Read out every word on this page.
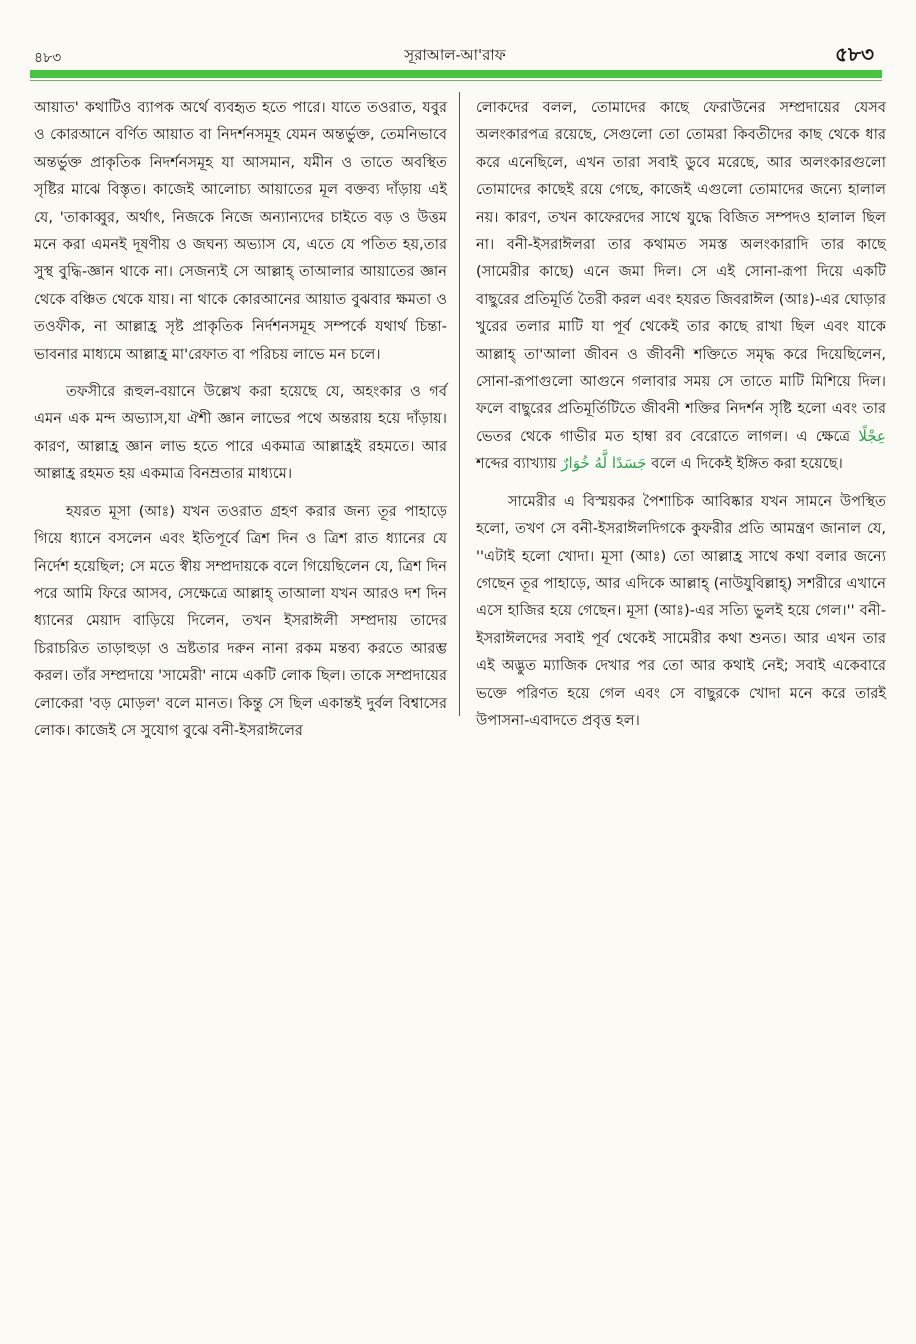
৪৮৩	সূরাআল-আ'রাফ	৫৮৩

আয়াত' কথাটিও ব্যাপক অর্থে ব্যবহৃত হতে পারে। যাতে তওরাত, যবুর ও কোরআনে বর্ণিত আয়াত বা নিদর্শনসমূহ যেমন অন্তর্ভুক্ত, তেমনিভাবে অন্তর্ভুক্ত প্রাকৃতিক নিদর্শনসমূহ যা আসমান, যমীন ও তাতে অবস্থিত সৃষ্টির মাঝে বিস্তৃত। কাজেই আলোচ্য আয়াতের মূল বক্তব্য দাঁড়ায় এই যে, 'তাকাব্বুর, অর্থাৎ, নিজকে নিজে অন্যান্যদের চাইতে বড় ও উত্তম মনে করা এমনই দূষণীয় ও জঘন্য অভ্যাস যে, এতে যে পতিত হয়,তার সুস্থ বুদ্ধি-জ্ঞান থাকে না। সেজন্যই সে আল্লাহ্ তাআলার আয়াতের জ্ঞান থেকে বঞ্চিত থেকে যায়। না থাকে কোরআনের আয়াত বুঝবার ক্ষমতা ও তওফীক, না আল্লাহ্র সৃষ্ট প্রাকৃতিক নির্দশনসমূহ সম্পর্কে যথার্থ চিন্তা-ভাবনার মাধ্যমে আল্লাহ্র মা'রেফাত বা পরিচয় লাভে মন চলে।

তফসীরে রূহুল-বয়ানে উল্লেখ করা হয়েছে যে, অহংকার ও গর্ব এমন এক মন্দ অভ্যাস,যা ঐশী জ্ঞান লাভের পথে অন্তরায় হয়ে দাঁড়ায়। কারণ, আল্লাহ্র জ্ঞান লাভ হতে পারে একমাত্র আল্লাহ্রই রহমতে। আর আল্লাহ্র রহমত হয় একমাত্র বিনম্রতার মাধ্যমে।

হযরত মূসা (আঃ) যখন তওরাত গ্রহণ করার জন্য তূর পাহাড়ে গিয়ে ধ্যানে বসলেন এবং ইতিপূর্বে ত্রিশ দিন ও ত্রিশ রাত ধ্যানের যে নির্দেশ হয়েছিল; সে মতে স্বীয় সম্প্রদায়কে বলে গিয়েছিলেন যে, ত্রিশ দিন পরে আমি ফিরে আসব, সেক্ষেত্রে আল্লাহ্ তাআলা যখন আরও দশ দিন ধ্যানের মেয়াদ বাড়িয়ে দিলেন, তখন ইসরাঈলী সম্প্রদায় তাদের চিরাচরিত তাড়াহুড়া ও ভ্রষ্টতার দরুন নানা রকম মন্তব্য করতে আরম্ভ করল। তাঁর সম্প্রদায়ে 'সামেরী' নামে একটি লোক ছিল। তাকে সম্প্রদায়ের লোকেরা 'বড় মোড়ল' বলে মানত। কিন্তু সে ছিল একান্তই দুর্বল বিশ্বাসের লোক। কাজেই সে সুযোগ বুঝে বনী-ইসরাঈলের

লোকদের বলল, তোমাদের কাছে ফেরাউনের সম্প্রদায়ের যেসব অলংকারপত্র রয়েছে, সেগুলো তো তোমরা কিবতীদের কাছ থেকে ধার করে এনেছিলে, এখন তারা সবাই ডুবে মরেছে, আর অলংকারগুলো তোমাদের কাছেই রয়ে গেছে, কাজেই এগুলো তোমাদের জন্যে হালাল নয়। কারণ, তখন কাফেরদের সাথে যুদ্ধে বিজিত সম্পদও হালাল ছিল না। বনী-ইসরাঈলরা তার কথামত সমস্ত অলংকারাদি তার কাছে (সামেরীর কাছে) এনে জমা দিল। সে এই সোনা-রূপা দিয়ে একটি বাছুরের প্রতিমূর্তি তৈরী করল এবং হযরত জিবরাঈল (আঃ)-এর ঘোড়ার খুরের তলার মাটি যা পূর্ব থেকেই তার কাছে রাখা ছিল এবং যাকে আল্লাহ্ তা'আলা জীবন ও জীবনী শক্তিতে সমৃদ্ধ করে দিয়েছিলেন, সোনা-রূপাগুলো আগুনে গলাবার সময় সে তাতে মাটি মিশিয়ে দিল। ফলে বাছুরের প্রতিমূর্তিটিতে জীবনী শক্তির নিদর্শন সৃষ্টি হলো এবং তার ভেতর থেকে গাভীর মত হাম্বা রব বেরোতে লাগল। এ ক্ষেত্রে عِجْلًا শব্দের ব্যাখ্যায় جَسَدًا لَّهُ خُوَارٌ বলে এ দিকেই ইঙ্গিত করা হয়েছে।

সামেরীর এ বিস্ময়কর পৈশাচিক আবিষ্কার যখন সামনে উপস্থিত হলো, তখণ সে বনী-ইসরাঈলদিগকে কুফরীর প্রতি আমন্ত্রণ জানাল যে, ''এটাই হলো খোদা। মূসা (আঃ) তো আল্লাহ্র সাথে কথা বলার জন্যে গেছেন তূর পাহাড়ে, আর এদিকে আল্লাহ্ (নাউযুবিল্লাহ্) সশরীরে এখানে এসে হাজির হয়ে গেছেন। মূসা (আঃ)-এর সত্যি ভুলই হয়ে গেল।'' বনী-ইসরাঈলদের সবাই পূর্ব থেকেই সামেরীর কথা শুনত। আর এখন তার এই অদ্ভুত ম্যাজিক দেখার পর তো আর কথাই নেই; সবাই একেবারে ভক্তে পরিণত হয়ে গেল এবং সে বাছুরকে খোদা মনে করে তারই উপাসনা-এবাদতে প্রবৃত্ত হল।
